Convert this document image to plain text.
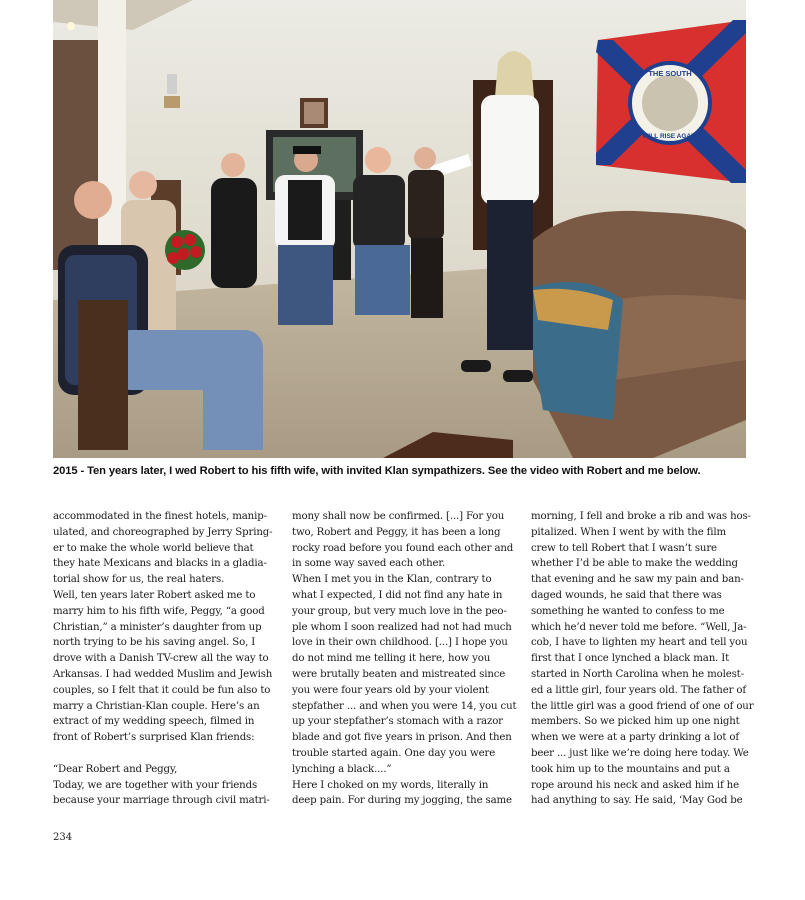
THE SOUTH
WILL RISE AGAIN
2015 - Ten years later, I wed Robert to his fifth wife, with invited Klan sympathizers. See the video with Robert and me below.
accommodated in the finest hotels, manip-
ulated, and choreographed by Jerry Spring-
er to make the whole world believe that
they hate Mexicans and blacks in a gladia-
torial show for us, the real haters.
Well, ten years later Robert asked me to
marry him to his fifth wife, Peggy, “a good
Christian,” a minister’s daughter from up
north trying to be his saving angel. So, I
drove with a Danish TV-crew all the way to
Arkansas. I had wedded Muslim and Jewish
couples, so I felt that it could be fun also to
marry a Christian-Klan couple. Here’s an
extract of my wedding speech, filmed in
front of Robert’s surprised Klan friends:
“Dear Robert and Peggy,
Today, we are together with your friends
because your marriage through civil matri-
mony shall now be confirmed. [...] For you
two, Robert and Peggy, it has been a long
rocky road before you found each other and
in some way saved each other.
When I met you in the Klan, contrary to
what I expected, I did not find any hate in
your group, but very much love in the peo-
ple whom I soon realized had not had much
love in their own childhood. [...] I hope you
do not mind me telling it here, how you
were brutally beaten and mistreated since
you were four years old by your violent
stepfather ... and when you were 14, you cut
up your stepfather’s stomach with a razor
blade and got five years in prison. And then
trouble started again. One day you were
lynching a black....”
Here I choked on my words, literally in
deep pain. For during my jogging, the same
morning, I fell and broke a rib and was hos-
pitalized. When I went by with the film
crew to tell Robert that I wasn’t sure
whether I’d be able to make the wedding
that evening and he saw my pain and ban-
daged wounds, he said that there was
something he wanted to confess to me
which he’d never told me before. “Well, Ja-
cob, I have to lighten my heart and tell you
first that I once lynched a black man. It
started in North Carolina when he molest-
ed a little girl, four years old. The father of
the little girl was a good friend of one of our
members. So we picked him up one night
when we were at a party drinking a lot of
beer ... just like we’re doing here today. We
took him up to the mountains and put a
rope around his neck and asked him if he
had anything to say. He said, ‘May God be
234
